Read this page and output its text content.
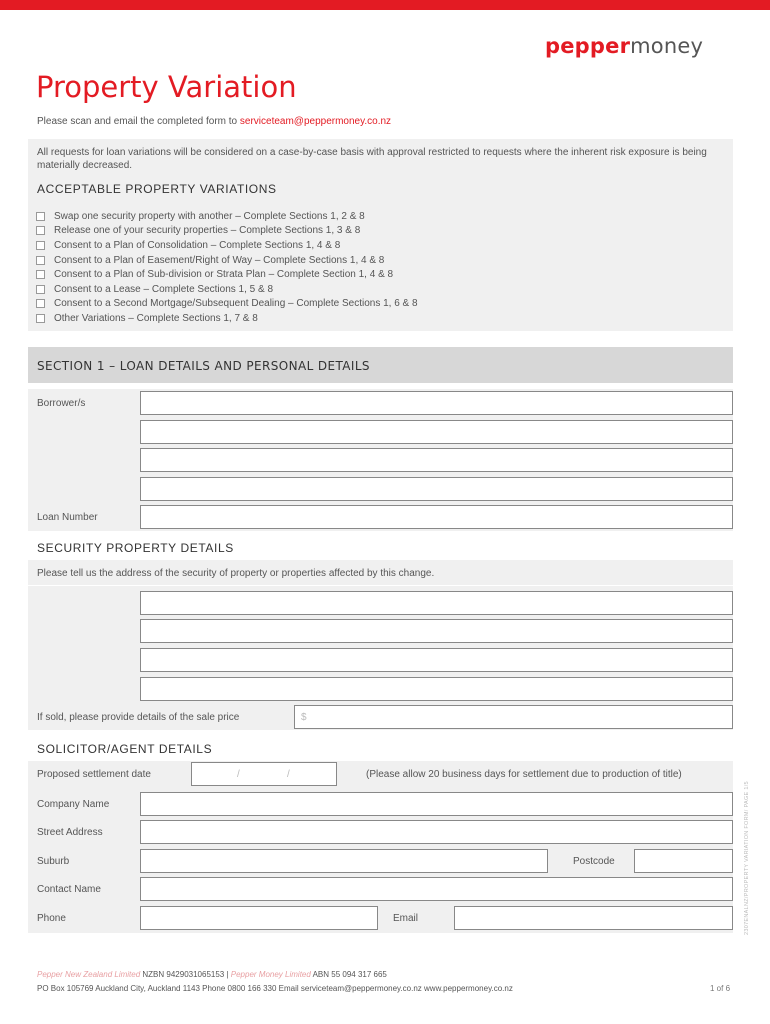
peppermoney
Property Variation
Please scan and email the completed form to serviceteam@peppermoney.co.nz
All requests for loan variations will be considered on a case-by-case basis with approval restricted to requests where the inherent risk exposure is being materially decreased.
ACCEPTABLE PROPERTY VARIATIONS
Swap one security property with another – Complete Sections 1, 2 & 8
Release one of your security properties – Complete Sections 1, 3 & 8
Consent to a Plan of Consolidation – Complete Sections 1, 4 & 8
Consent to a Plan of Easement/Right of Way – Complete Sections 1, 4 & 8
Consent to a Plan of Sub-division or Strata Plan – Complete Section 1, 4 & 8
Consent to a Lease – Complete Sections 1, 5 & 8
Consent to a Second Mortgage/Subsequent Dealing – Complete Sections 1, 6 & 8
Other Variations – Complete Sections 1, 7 & 8
SECTION 1 – LOAN DETAILS AND PERSONAL DETAILS
Borrower/s
Loan Number
SECURITY PROPERTY DETAILS
Please tell us the address of the security of property or properties affected by this change.
If sold, please provide details of the sale price	$
SOLICITOR/AGENT DETAILS
Proposed settlement date	/	/	(Please allow 20 business days for settlement due to production of title)
Company Name
Street Address
Suburb	Postcode
Contact Name
Phone	Email	2307ENALNZ/PROPERTY VARIATION FORM/ PAGE 1/5
Pepper New Zealand Limited NZBN 9429031065153 | Pepper Money Limited ABN 55 094 317 665
PO Box 105769 Auckland City, Auckland 1143 Phone 0800 166 330 Email serviceteam@peppermoney.co.nz www.peppermoney.co.nz	1 of 6
